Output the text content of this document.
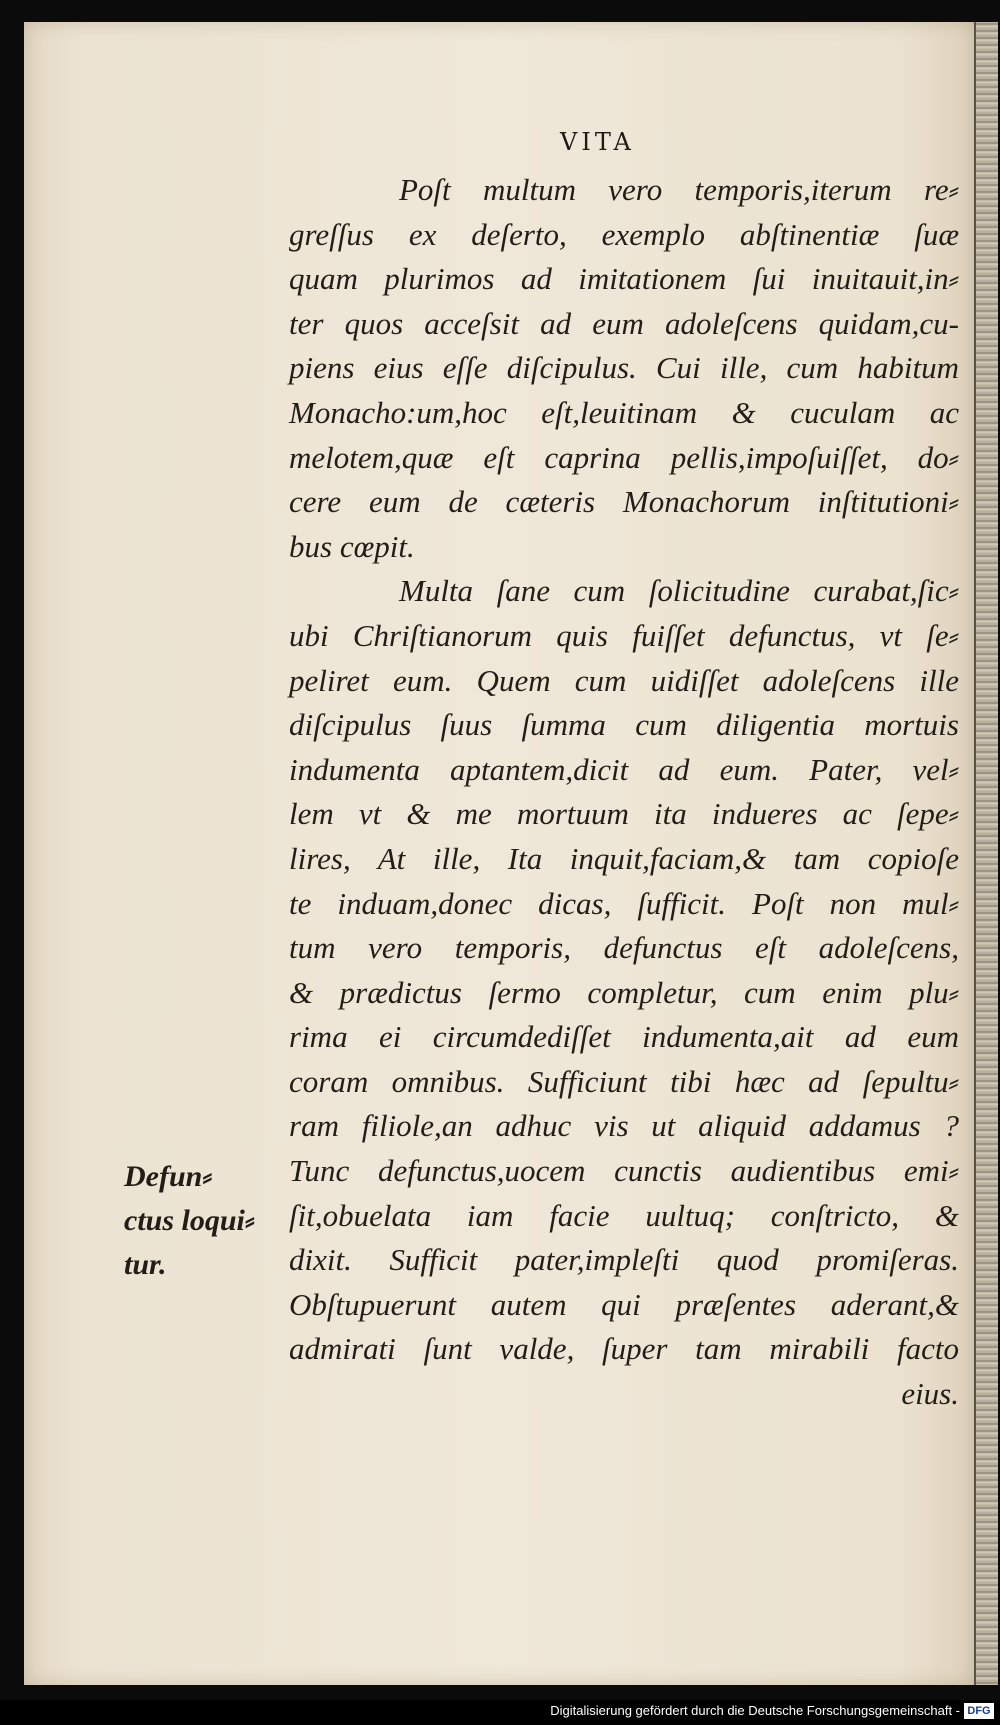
VITA
Poſt multum vero temporis,iterum re⸗
greſſus ex deſerto, exemplo abſtinentiæ ſuæ
quam plurimos ad imitationem ſui inuitauit,in⸗
ter quos acceſsit ad eum adoleſcens quidam,cu‐
piens eius eſſe diſcipulus. Cui ille, cum habitum
Monacho:um,hoc eſt,leuitinam & cuculam ac
melotem,quæ eſt caprina pellis,impoſuiſſet, do⸗
cere eum de cæteris Monachorum inſtitutioni⸗
bus cœpit.
Multa ſane cum ſolicitudine curabat,ſic⸗
ubi Chriſtianorum quis fuiſſet defunctus, vt ſe⸗
peliret eum. Quem cum uidiſſet adoleſcens ille
diſcipulus ſuus ſumma cum diligentia mortuis
indumenta aptantem,dicit ad eum. Pater, vel⸗
lem vt & me mortuum ita indueres ac ſepe⸗
lires, At ille, Ita inquit,faciam,& tam copioſe
te induam,donec dicas, ſufficit. Poſt non mul⸗
tum vero temporis, defunctus eſt adoleſcens,
& prædictus ſermo completur, cum enim plu⸗
rima ei circumdediſſet indumenta,ait ad eum
coram omnibus. Sufficiunt tibi hæc ad ſepultu⸗
ram filiole,an adhuc vis ut aliquid addamus ?
Tunc defunctus,uocem cunctis audientibus emi⸗
ſit,obuelata iam facie uultuq; conſtricto, &
dixit. Sufficit pater,impleſti quod promiſeras.
Obſtupuerunt autem qui præſentes aderant,&
admirati ſunt valde, ſuper tam mirabili facto
eius.
Defun⸗
ctus loqui⸗
tur.
Digitalisierung gefördert durch die Deutsche Forschungsgemeinschaft - DFG
